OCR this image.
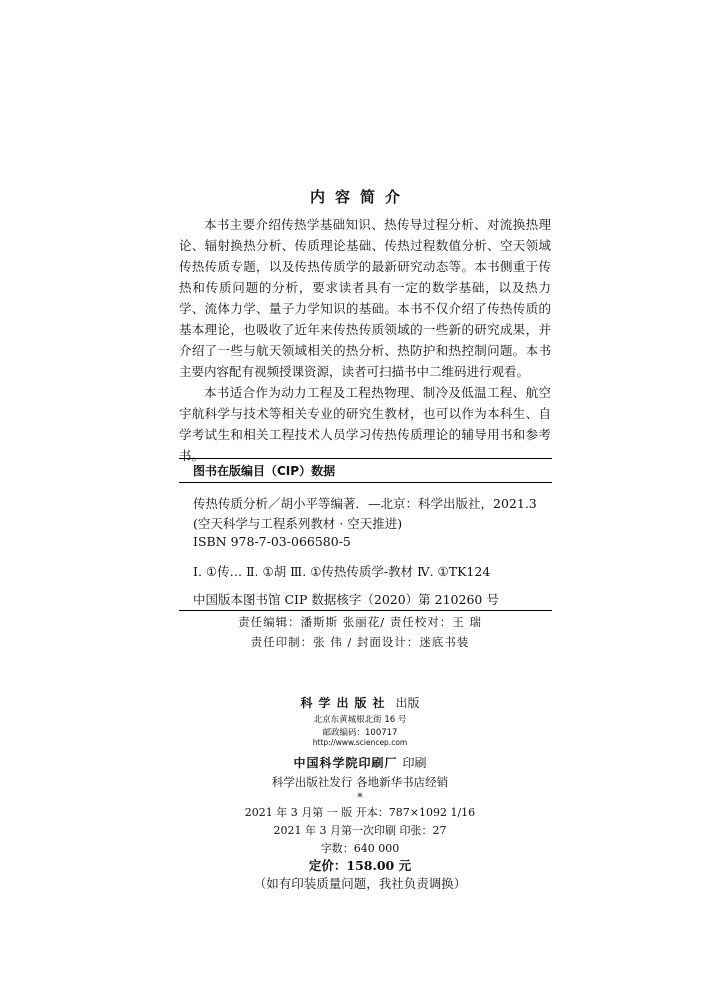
内容简介

本书主要介绍传热学基础知识、热传导过程分析、对流换热理论、辐射换热分析、传质理论基础、传热过程数值分析、空天领域传热传质专题，以及传热传质学的最新研究动态等。本书侧重于传热和传质问题的分析，要求读者具有一定的数学基础，以及热力学、流体力学、量子力学知识的基础。本书不仅介绍了传热传质的基本理论，也吸收了近年来传热传质领域的一些新的研究成果，并介绍了一些与航天领域相关的热分析、热防护和热控制问题。本书主要内容配有视频授课资源，读者可扫描书中二维码进行观看。

本书适合作为动力工程及工程热物理、制冷及低温工程、航空宇航科学与技术等相关专业的研究生教材，也可以作为本科生、自学考试生和相关工程技术人员学习传热传质理论的辅导用书和参考书。

图书在版编目（CIP）数据
传热传质分析／胡小平等编著．—北京：科学出版社，2021.3
(空天科学与工程系列教材 · 空天推进)
ISBN 978-7-03-066580-5
Ⅰ. ①传… Ⅱ. ①胡 Ⅲ. ①传热传质学-教材 Ⅳ. ①TK124
中国版本图书馆 CIP 数据核字（2020）第 210260 号
责任编辑：潘斯斯 张丽花/ 责任校对：王 瑞
责任印制：张 伟 / 封面设计：迷底书装
科学出版社 出版
北京东黄城根北街 16 号
邮政编码：100717
http://www.sciencep.com
中国科学院印刷厂 印刷
科学出版社发行 各地新华书店经销
*
2021 年 3 月第 一 版 开本：787×1092 1/16
2021 年 3 月第一次印刷 印张：27
字数：640 000
定价：158.00 元
（如有印装质量问题，我社负责调换）
